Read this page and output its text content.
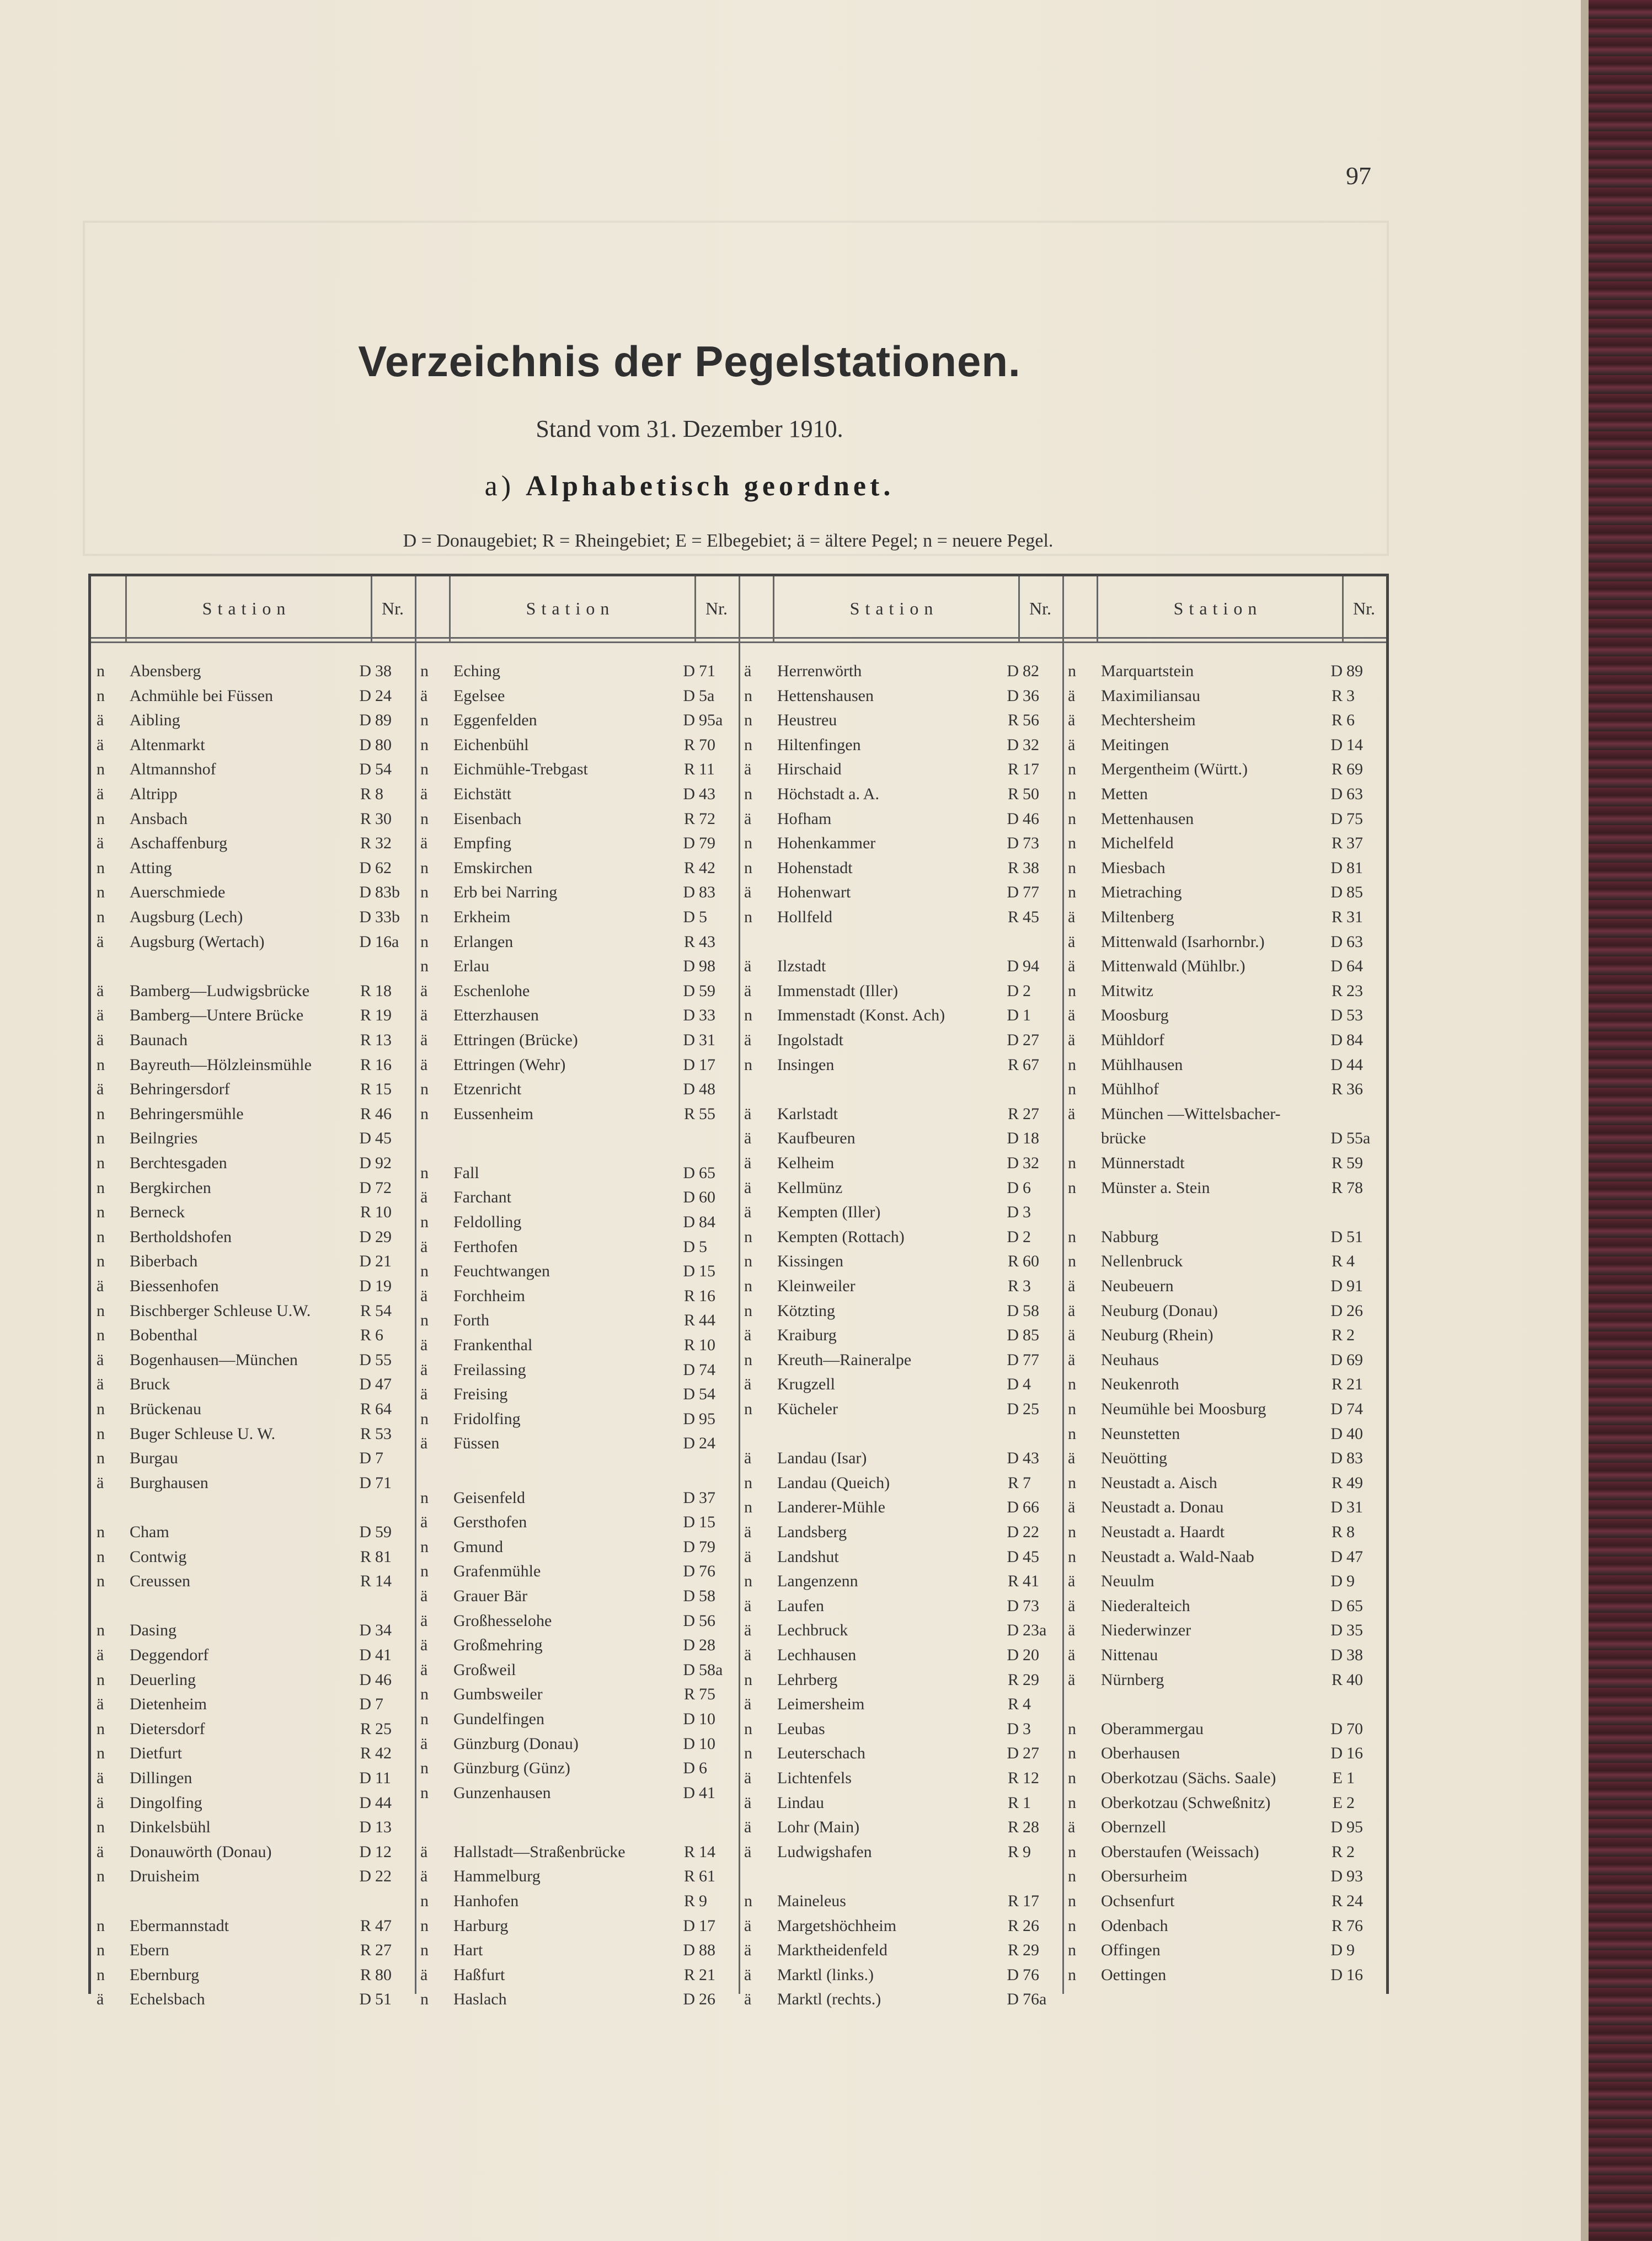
97
Verzeichnis der Pegelstationen.
Stand vom 31. Dezember 1910.
a) Alphabetisch geordnet.
D = Donaugebiet; R = Rheingebiet; E = Elbegebiet; ä = ältere Pegel; n = neuere Pegel.
Station	Nr.
n	Abensberg	D 38
n	Achmühle bei Füssen	D 24
ä	Aibling	D 89
ä	Altenmarkt	D 80
n	Altmannshof	D 54
ä	Altripp	R 8
n	Ansbach	R 30
ä	Aschaffenburg	R 32
n	Atting	D 62
n	Auerschmiede	D 83b
n	Augsburg (Lech)	D 33b
ä	Augsburg (Wertach)	D 16a
ä	Bamberg—Ludwigsbrücke	R 18
ä	Bamberg—Untere Brücke	R 19
ä	Baunach	R 13
n	Bayreuth—Hölzleinsmühle	R 16
ä	Behringersdorf	R 15
n	Behringersmühle	R 46
n	Beilngries	D 45
n	Berchtesgaden	D 92
n	Bergkirchen	D 72
n	Berneck	R 10
n	Bertholdshofen	D 29
n	Biberbach	D 21
ä	Biessenhofen	D 19
n	Bischberger Schleuse U.W.	R 54
n	Bobenthal	R 6
ä	Bogenhausen—München	D 55
ä	Bruck	D 47
n	Brückenau	R 64
n	Buger Schleuse U. W.	R 53
n	Burgau	D 7
ä	Burghausen	D 71
n	Cham	D 59
n	Contwig	R 81
n	Creussen	R 14
n	Dasing	D 34
ä	Deggendorf	D 41
n	Deuerling	D 46
ä	Dietenheim	D 7
n	Dietersdorf	R 25
n	Dietfurt	R 42
ä	Dillingen	D 11
ä	Dingolfing	D 44
n	Dinkelsbühl	D 13
ä	Donauwörth (Donau)	D 12
n	Druisheim	D 22
n	Ebermannstadt	R 47
n	Ebern	R 27
n	Ebernburg	R 80
ä	Echelsbach	D 51
Station	Nr.
n	Eching	D 71
ä	Egelsee	D 5a
n	Eggenfelden	D 95a
n	Eichenbühl	R 70
n	Eichmühle-Trebgast	R 11
ä	Eichstätt	D 43
n	Eisenbach	R 72
ä	Empfing	D 79
n	Emskirchen	R 42
n	Erb bei Narring	D 83
n	Erkheim	D 5
n	Erlangen	R 43
n	Erlau	D 98
ä	Eschenlohe	D 59
ä	Etterzhausen	D 33
ä	Ettringen (Brücke)	D 31
ä	Ettringen (Wehr)	D 17
n	Etzenricht	D 48
n	Eussenheim	R 55
n	Fall	D 65
ä	Farchant	D 60
n	Feldolling	D 84
ä	Ferthofen	D 5
n	Feuchtwangen	D 15
ä	Forchheim	R 16
n	Forth	R 44
ä	Frankenthal	R 10
ä	Freilassing	D 74
ä	Freising	D 54
n	Fridolfing	D 95
ä	Füssen	D 24
n	Geisenfeld	D 37
ä	Gersthofen	D 15
n	Gmund	D 79
n	Grafenmühle	D 76
ä	Grauer Bär	D 58
ä	Großhesselohe	D 56
ä	Großmehring	D 28
ä	Großweil	D 58a
n	Gumbsweiler	R 75
n	Gundelfingen	D 10
ä	Günzburg (Donau)	D 10
n	Günzburg (Günz)	D 6
n	Gunzenhausen	D 41
ä	Hallstadt—Straßenbrücke	R 14
ä	Hammelburg	R 61
n	Hanhofen	R 9
n	Harburg	D 17
n	Hart	D 88
ä	Haßfurt	R 21
n	Haslach	D 26
Station	Nr.
ä	Herrenwörth	D 82
n	Hettenshausen	D 36
n	Heustreu	R 56
n	Hiltenfingen	D 32
ä	Hirschaid	R 17
n	Höchstadt a. A.	R 50
ä	Hofham	D 46
n	Hohenkammer	D 73
n	Hohenstadt	R 38
ä	Hohenwart	D 77
n	Hollfeld	R 45
ä	Ilzstadt	D 94
ä	Immenstadt (Iller)	D 2
n	Immenstadt (Konst. Ach)	D 1
ä	Ingolstadt	D 27
n	Insingen	R 67
ä	Karlstadt	R 27
ä	Kaufbeuren	D 18
ä	Kelheim	D 32
ä	Kellmünz	D 6
ä	Kempten (Iller)	D 3
n	Kempten (Rottach)	D 2
n	Kissingen	R 60
n	Kleinweiler	R 3
n	Kötzting	D 58
ä	Kraiburg	D 85
n	Kreuth—Raineralpe	D 77
ä	Krugzell	D 4
n	Kücheler	D 25
ä	Landau (Isar)	D 43
n	Landau (Queich)	R 7
n	Landerer-Mühle	D 66
ä	Landsberg	D 22
ä	Landshut	D 45
n	Langenzenn	R 41
ä	Laufen	D 73
ä	Lechbruck	D 23a
ä	Lechhausen	D 20
n	Lehrberg	R 29
ä	Leimersheim	R 4
n	Leubas	D 3
n	Leuterschach	D 27
ä	Lichtenfels	R 12
ä	Lindau	R 1
ä	Lohr (Main)	R 28
ä	Ludwigshafen	R 9
n	Maineleus	R 17
ä	Margetshöchheim	R 26
ä	Marktheidenfeld	R 29
ä	Marktl (links.)	D 76
ä	Marktl (rechts.)	D 76a
Station	Nr.
n	Marquartstein	D 89
ä	Maximiliansau	R 3
ä	Mechtersheim	R 6
ä	Meitingen	D 14
n	Mergentheim (Württ.)	R 69
n	Metten	D 63
n	Mettenhausen	D 75
n	Michelfeld	R 37
n	Miesbach	D 81
n	Mietraching	D 85
ä	Miltenberg	R 31
ä	Mittenwald (Isarhornbr.)	D 63
ä	Mittenwald (Mühlbr.)	D 64
n	Mitwitz	R 23
ä	Moosburg	D 53
ä	Mühldorf	D 84
n	Mühlhausen	D 44
n	Mühlhof	R 36
ä	München —Wittelsbacher-
brücke	D 55a
n	Münnerstadt	R 59
n	Münster a. Stein	R 78
n	Nabburg	D 51
n	Nellenbruck	R 4
ä	Neubeuern	D 91
ä	Neuburg (Donau)	D 26
ä	Neuburg (Rhein)	R 2
ä	Neuhaus	D 69
n	Neukenroth	R 21
n	Neumühle bei Moosburg	D 74
n	Neunstetten	D 40
ä	Neuötting	D 83
n	Neustadt a. Aisch	R 49
ä	Neustadt a. Donau	D 31
n	Neustadt a. Haardt	R 8
n	Neustadt a. Wald-Naab	D 47
ä	Neuulm	D 9
ä	Niederalteich	D 65
ä	Niederwinzer	D 35
ä	Nittenau	D 38
ä	Nürnberg	R 40
n	Oberammergau	D 70
n	Oberhausen	D 16
n	Oberkotzau (Sächs. Saale)	E 1
n	Oberkotzau (Schweßnitz)	E 2
ä	Obernzell	D 95
n	Oberstaufen (Weissach)	R 2
n	Obersurheim	D 93
n	Ochsenfurt	R 24
n	Odenbach	R 76
n	Offingen	D 9
n	Oettingen	D 16
